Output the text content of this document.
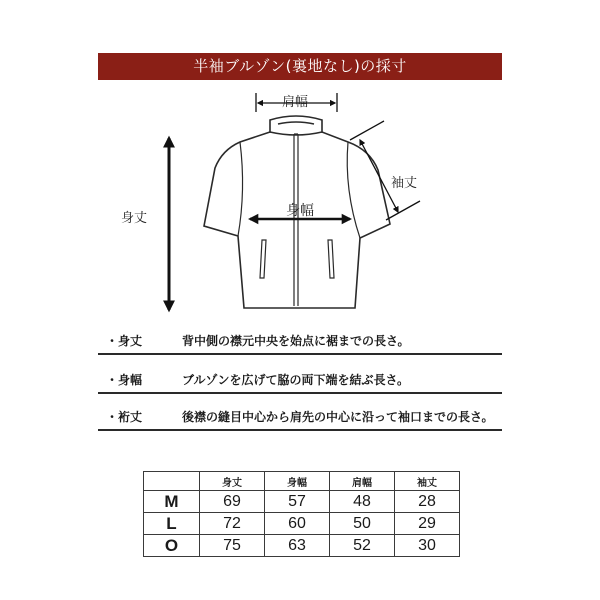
半袖ブルゾン(裏地なし)の採寸
肩幅
袖丈
身丈	身幅
・身丈	背中側の襟元中央を始点に裾までの長さ。
・身幅	ブルゾンを広げて脇の両下端を結ぶ長さ。
・裄丈	後襟の縫目中心から肩先の中心に沿って袖口までの長さ。
	身丈	身幅	肩幅	袖丈
M	69	57	48	28
L	72	60	50	29
O	75	63	52	30
